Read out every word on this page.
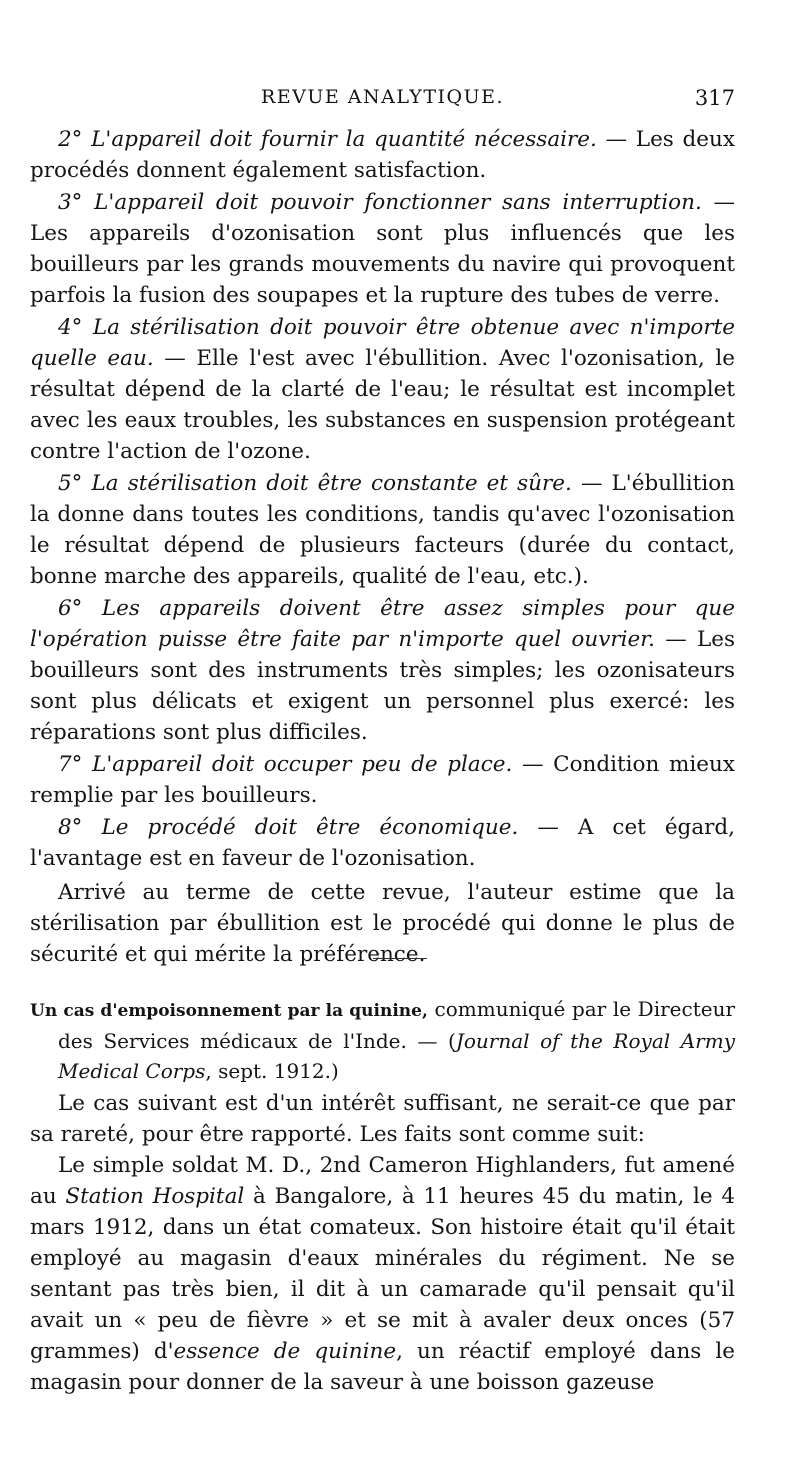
REVUE ANALYTIQUE.	317

2° L'appareil doit fournir la quantité nécessaire. — Les deux procédés donnent également satisfaction.

3° L'appareil doit pouvoir fonctionner sans interruption. — Les appareils d'ozonisation sont plus influencés que les bouilleurs par les grands mouvements du navire qui provoquent parfois la fusion des soupapes et la rupture des tubes de verre.

4° La stérilisation doit pouvoir être obtenue avec n'importe quelle eau. — Elle l'est avec l'ébullition. Avec l'ozonisation, le résultat dépend de la clarté de l'eau; le résultat est incomplet avec les eaux troubles, les substances en suspension protégeant contre l'action de l'ozone.

5° La stérilisation doit être constante et sûre. — L'ébullition la donne dans toutes les conditions, tandis qu'avec l'ozonisation le résultat dépend de plusieurs facteurs (durée du contact, bonne marche des appareils, qualité de l'eau, etc.).

6° Les appareils doivent être assez simples pour que l'opération puisse être faite par n'importe quel ouvrier. — Les bouilleurs sont des instruments très simples; les ozonisateurs sont plus délicats et exigent un personnel plus exercé: les réparations sont plus difficiles.

7° L'appareil doit occuper peu de place. — Condition mieux remplie par les bouilleurs.

8° Le procédé doit être économique. — A cet égard, l'avantage est en faveur de l'ozonisation.

Arrivé au terme de cette revue, l'auteur estime que la stérilisation par ébullition est le procédé qui donne le plus de sécurité et qui mérite la préférence.

Un cas d'empoisonnement par la quinine, communiqué par le Directeur des Services médicaux de l'Inde. — (Journal of the Royal Army Medical Corps, sept. 1912.)

Le cas suivant est d'un intérêt suffisant, ne serait-ce que par sa rareté, pour être rapporté. Les faits sont comme suit:

Le simple soldat M. D., 2nd Cameron Highlanders, fut amené au Station Hospital à Bangalore, à 11 heures 45 du matin, le 4 mars 1912, dans un état comateux. Son histoire était qu'il était employé au magasin d'eaux minérales du régiment. Ne se sentant pas très bien, il dit à un camarade qu'il pensait qu'il avait un « peu de fièvre » et se mit à avaler deux onces (57 grammes) d'essence de quinine, un réactif employé dans le magasin pour donner de la saveur à une boisson gazeuse
